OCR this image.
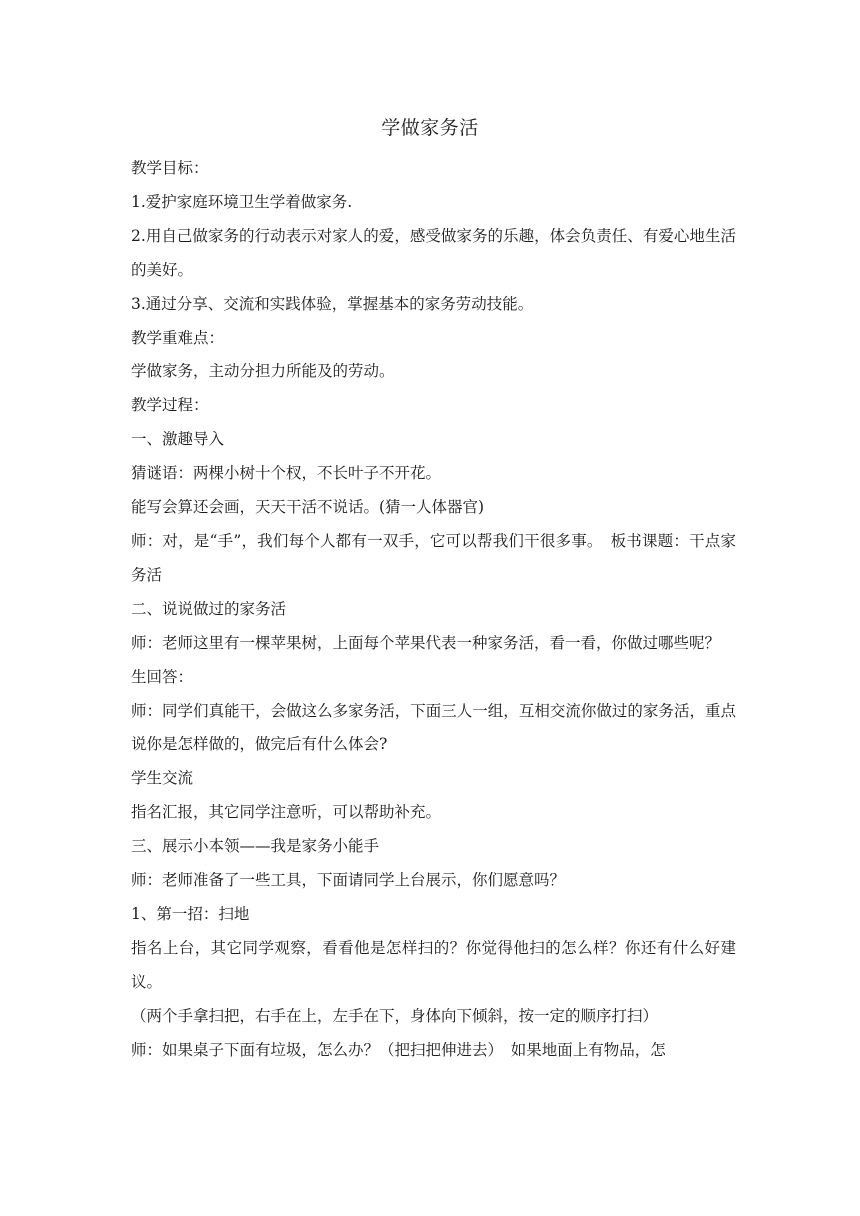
学做家务活

教学目标：

1.爱护家庭环境卫生学着做家务.

2.用自己做家务的行动表示对家人的爱，感受做家务的乐趣，体会负责任、有爱心地生活的美好。

3.通过分享、交流和实践体验，掌握基本的家务劳动技能。

教学重难点：

学做家务，主动分担力所能及的劳动。

教学过程：

一、激趣导入

猜谜语：两棵小树十个杈，不长叶子不开花。

能写会算还会画，天天干活不说话。(猜一人体器官)

师：对，是“手”，我们每个人都有一双手，它可以帮我们干很多事。　板书课题：干点家务活

二、说说做过的家务活

师：老师这里有一棵苹果树，上面每个苹果代表一种家务活，看一看，你做过哪些呢？

生回答：

师：同学们真能干，会做这么多家务活，下面三人一组，互相交流你做过的家务活，重点说你是怎样做的，做完后有什么体会?

学生交流

指名汇报，其它同学注意听，可以帮助补充。

三、展示小本领——我是家务小能手

师：老师准备了一些工具，下面请同学上台展示，你们愿意吗？

1、第一招：扫地

指名上台，其它同学观察，看看他是怎样扫的？你觉得他扫的怎么样？你还有什么好建议。

（两个手拿扫把，右手在上，左手在下，身体向下倾斜，按一定的顺序打扫）

师：如果桌子下面有垃圾，怎么办？（把扫把伸进去）　如果地面上有物品，怎
